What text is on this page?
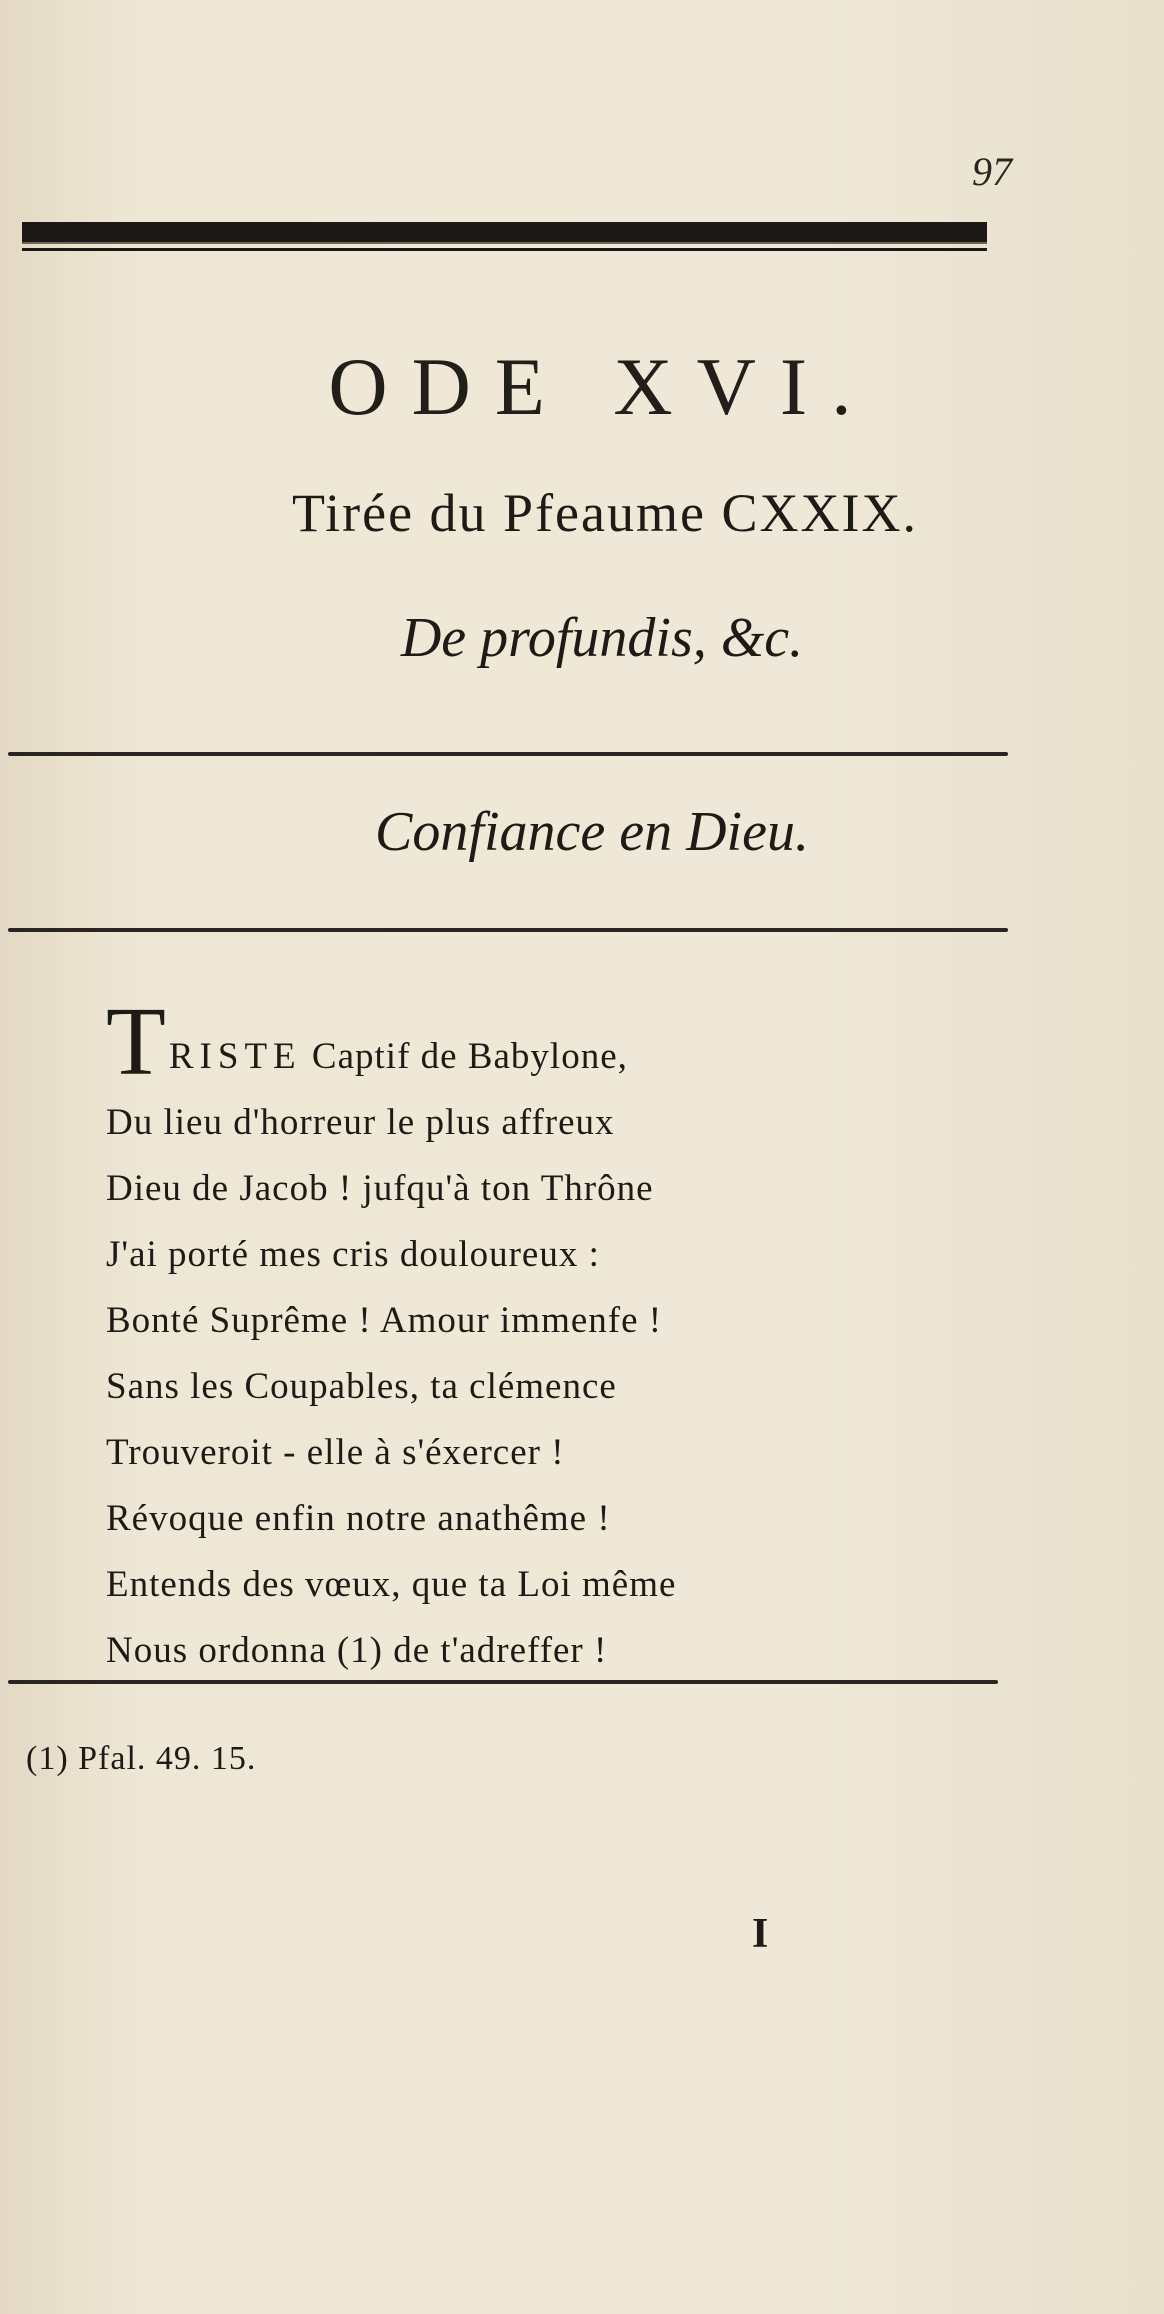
97
ODE XVI.
Tirée du Pfeaume CXXIX.
De profundis, &c.
Confiance en Dieu.
TRISTE Captif de Babylone,
Du lieu d'horreur le plus affreux
Dieu de Jacob ! jufqu'à ton Thrône
J'ai porté mes cris douloureux :
Bonté Suprême ! Amour immenfe !
Sans les Coupables, ta clémence
Trouveroit - elle à s'éxercer !
Révoque enfin notre anathême !
Entends des vœux, que ta Loi même
Nous ordonna (1) de t'adreffer !
(1) Pfal. 49. 15.
I
